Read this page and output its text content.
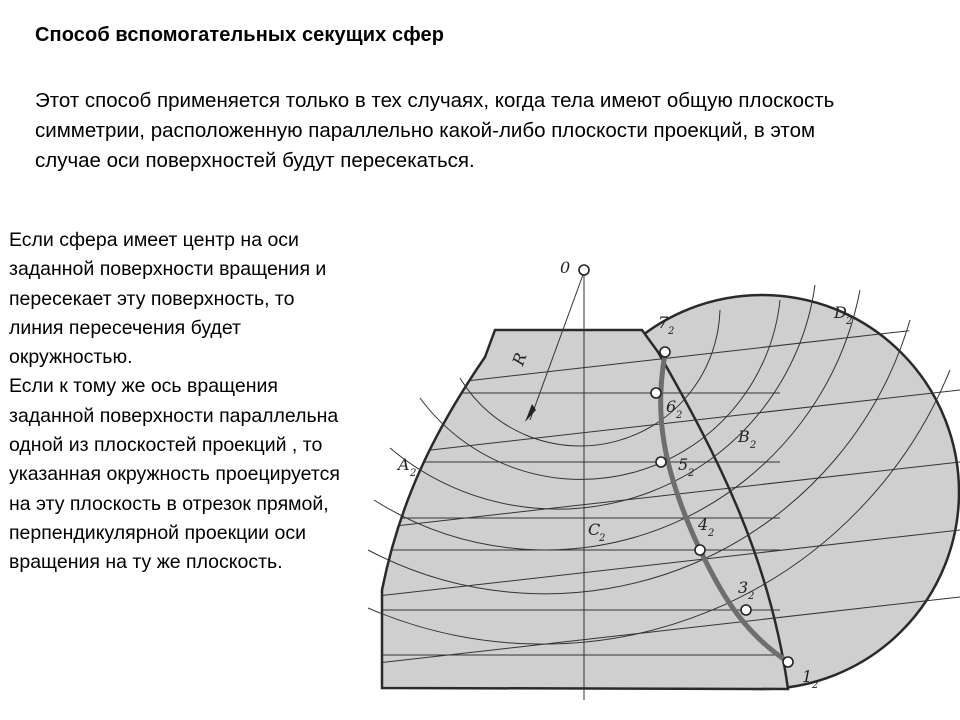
Способ вспомогательных секущих сфер

Этот способ применяется только в тех случаях, когда тела имеют общую плоскость симметрии, расположенную параллельно какой-либо плоскости проекций, в этом случае оси поверхностей будут пересекаться.

Если сфера имеет центр на оси заданной поверхности вращения и пересекает эту поверхность, то линия пересечения будет окружностью.

Если к тому же ось вращения заданной поверхности параллельна одной из плоскостей проекций , то указанная окружность проецируется на эту плоскость в отрезок прямой, перпендикулярной проекции оси вращения на ту же плоскость.

0
R
A 2
B 2
C
2
D 2
7 2
6 2
5 2
4 2
3 2
1 2
